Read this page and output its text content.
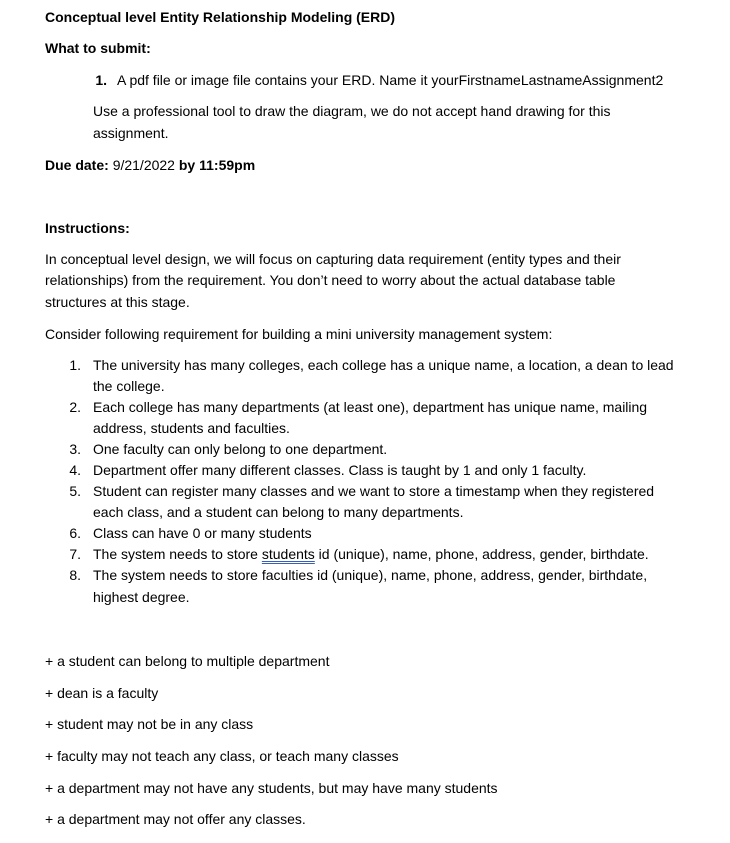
Conceptual level Entity Relationship Modeling (ERD)
What to submit:
1. A pdf file or image file contains your ERD. Name it yourFirstnameLastnameAssignment2
Use a professional tool to draw the diagram, we do not accept hand drawing for this
assignment.
Due date: 9/21/2022 by 11:59pm
Instructions:
In conceptual level design, we will focus on capturing data requirement (entity types and their
relationships) from the requirement. You don’t need to worry about the actual database table
structures at this stage.
Consider following requirement for building a mini university management system:
1. The university has many colleges, each college has a unique name, a location, a dean to lead
the college.
2. Each college has many departments (at least one), department has unique name, mailing
address, students and faculties.
3. One faculty can only belong to one department.
4. Department offer many different classes. Class is taught by 1 and only 1 faculty.
5. Student can register many classes and we want to store a timestamp when they registered
each class, and a student can belong to many departments.
6. Class can have 0 or many students
7. The system needs to store students id (unique), name, phone, address, gender, birthdate.
8. The system needs to store faculties id (unique), name, phone, address, gender, birthdate,
highest degree.
+ a student can belong to multiple department
+ dean is a faculty
+ student may not be in any class
+ faculty may not teach any class, or teach many classes
+ a department may not have any students, but may have many students
+ a department may not offer any classes.
